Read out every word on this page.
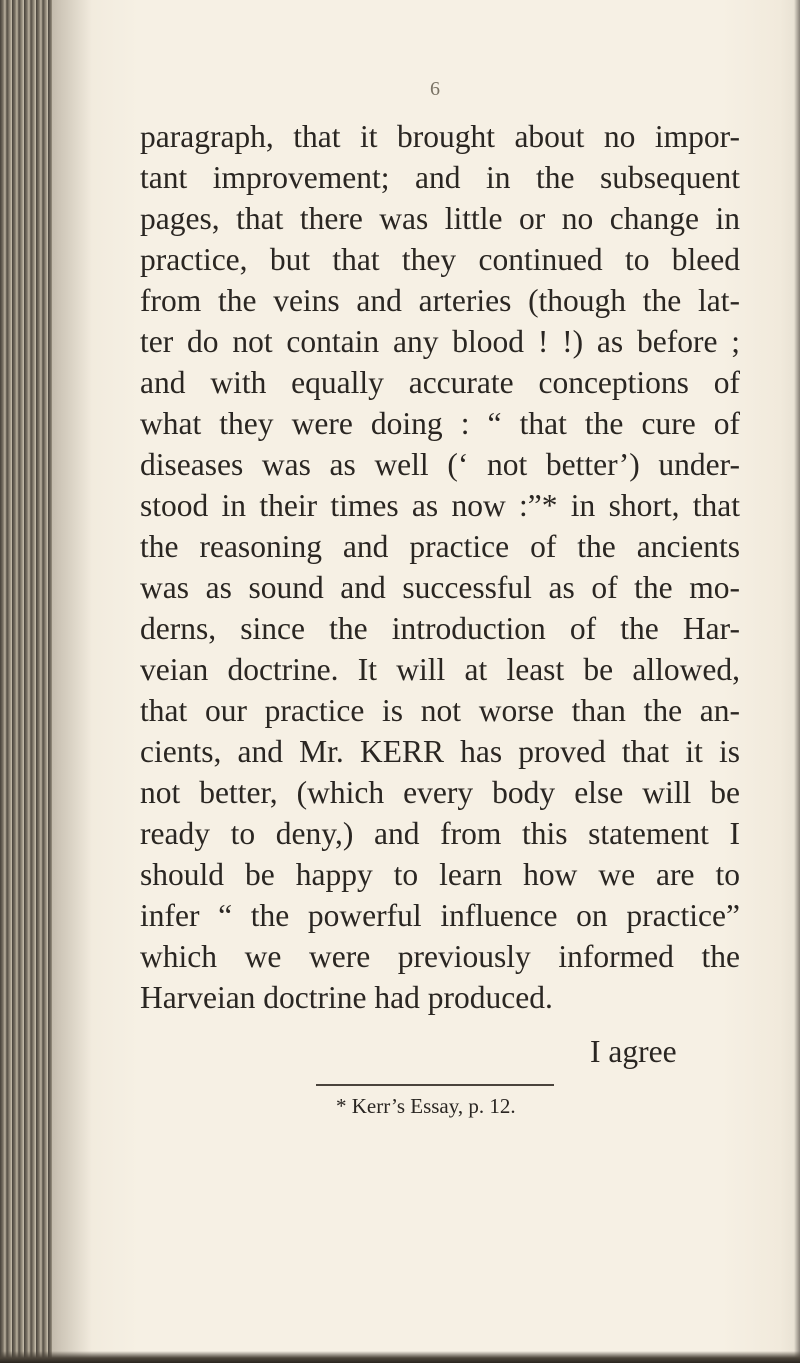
6
paragraph, that it brought about no impor-
tant improvement; and in the subsequent
pages, that there was little or no change in
practice, but that they continued to bleed
from the veins and arteries (though the lat-
ter do not contain any blood ! !) as before ;
and with equally accurate conceptions of
what they were doing : “ that the cure of
diseases was as well (‘ not better’) under-
stood in their times as now :”* in short, that
the reasoning and practice of the ancients
was as sound and successful as of the mo-
derns, since the introduction of the Har-
veian doctrine. It will at least be allowed,
that our practice is not worse than the an-
cients, and Mr. KERR has proved that it is
not better, (which every body else will be
ready to deny,) and from this statement I
should be happy to learn how we are to
infer “ the powerful influence on practice”
which we were previously informed the
Harveian doctrine had produced.
I agree
* Kerr’s Essay, p. 12.
